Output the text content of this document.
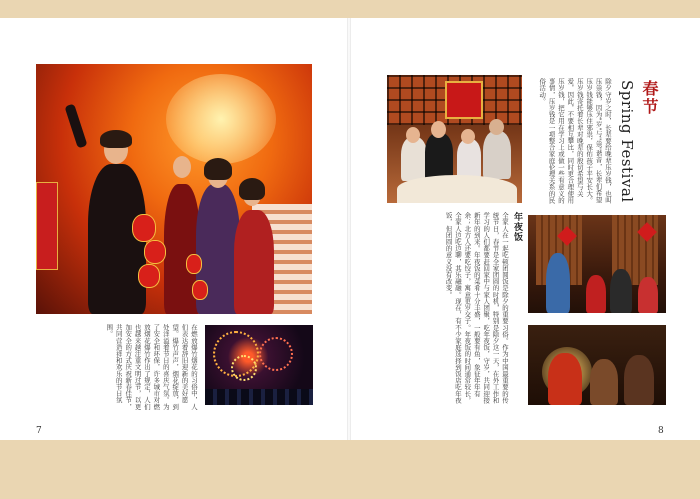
在燃放爆竹烟花的习俗中，人们表达着辞旧迎新的美好愿望。爆竹声声，烟花绽放，到处洋溢着节日的喜庆气氛。为了安全和环保，许多城市对燃放烟花爆竹作出了规定，人们也越来越注重文明过节，以更加安全的方式庆祝新春佳节，共同营造祥和欢乐的节日氛围。
7
除夕守岁之时，长辈要给晚辈压岁钱，也叫压祟钱，因为"岁"与"祟"谐音，长辈们希望压岁钱能够压住邪祟，保佑孩子平安长大。压岁钱寄托着长辈对晚辈的殷切希望与关爱，因此，不要相互攀比，同时更合理使用压岁钱，把它用在学习上或做一些有意义的事情，压岁钱是一项整合家庭伦理关系的民俗活动。	春节
Spring Festival
年夜饭
全家人在一起吃顿团圆饭是除夕的重要习俗。作为中国最重要的传统节日，春节是全家团圆的时机，特别是除夕这一天，在外工作和学习的人们都要赶回家中与家人团聚，吃年夜饭，守岁，共同迎接新年的到来。年夜饭的菜肴十分丰盛，一般要有鱼，象征年年有余；北方人还要吃饺子，寓意更岁交子。年夜饭的时间通常较长，全家人边吃边聊，其乐融融。现在，有不少家庭选择到饭店吃年夜饭，但团圆的意义没有改变。
8
